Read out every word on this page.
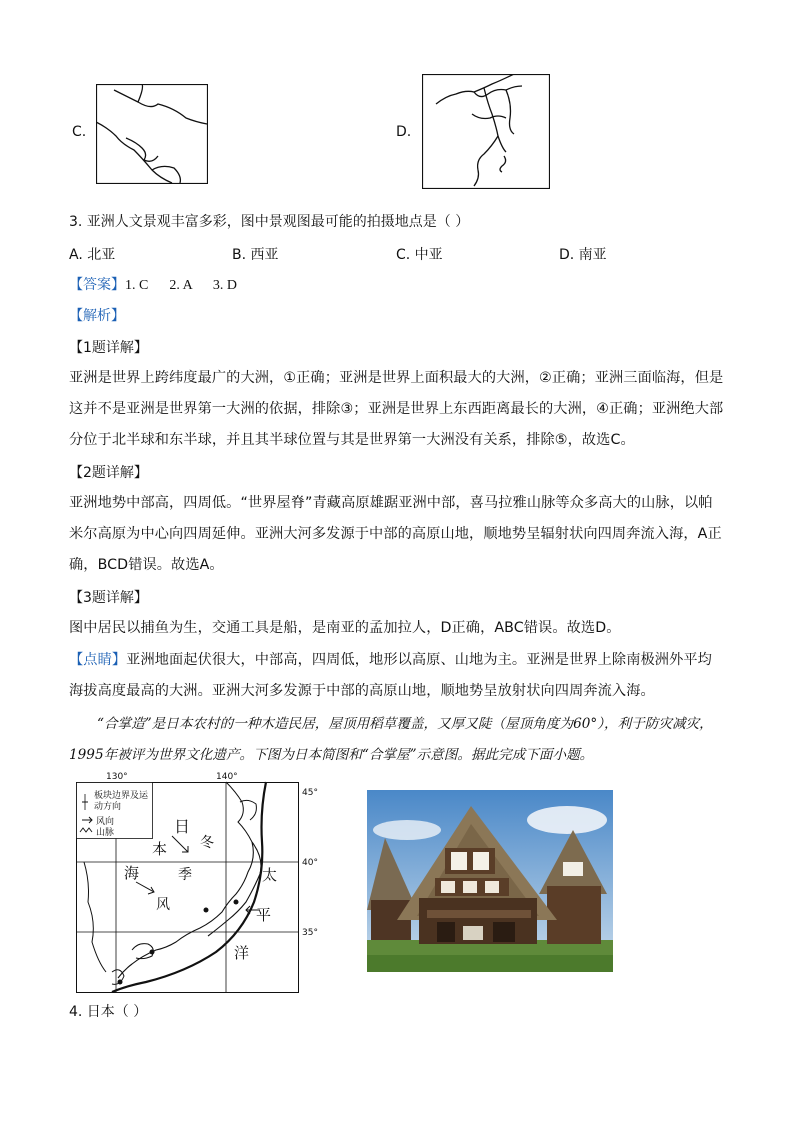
C.	D.
3. 亚洲人文景观丰富多彩，图中景观图最可能的拍摄地点是（ ）
A. 北亚	B. 西亚	C. 中亚	D. 南亚
【答案】1. C      2. A      3. D
【解析】
【1题详解】
亚洲是世界上跨纬度最广的大洲，①正确；亚洲是世界上面积最大的大洲，②正确；亚洲三面临海，但是这并不是亚洲是世界第一大洲的依据，排除③；亚洲是世界上东西距离最长的大洲，④正确；亚洲绝大部分位于北半球和东半球，并且其半球位置与其是世界第一大洲没有关系，排除⑤，故选C。
【2题详解】
亚洲地势中部高，四周低。“世界屋脊”青藏高原雄踞亚洲中部，喜马拉雅山脉等众多高大的山脉，以帕米尔高原为中心向四周延伸。亚洲大河多发源于中部的高原山地，顺地势呈辐射状向四周奔流入海，A正确，BCD错误。故选A。
【3题详解】
图中居民以捕鱼为生，交通工具是船，是南亚的孟加拉人，D正确，ABC错误。故选D。
【点睛】亚洲地面起伏很大，中部高，四周低，地形以高原、山地为主。亚洲是世界上除南极洲外平均海拔高度最高的大洲。亚洲大河多发源于中部的高原山地，顺地势呈放射状向四周奔流入海。
“合掌造”是日本农村的一种木造民居，屋顶用稻草覆盖，又厚又陡（屋顶角度为60°），利于防灾减灾，1995年被评为世界文化遗产。下图为日本简图和“合掌屋”示意图。据此完成下面小题。
130°	140°
45°
40°
35°
板块边界及运动方向
风向
山脉	日
本
海
冬
季
风
太
平
洋
4. 日本（ ）
